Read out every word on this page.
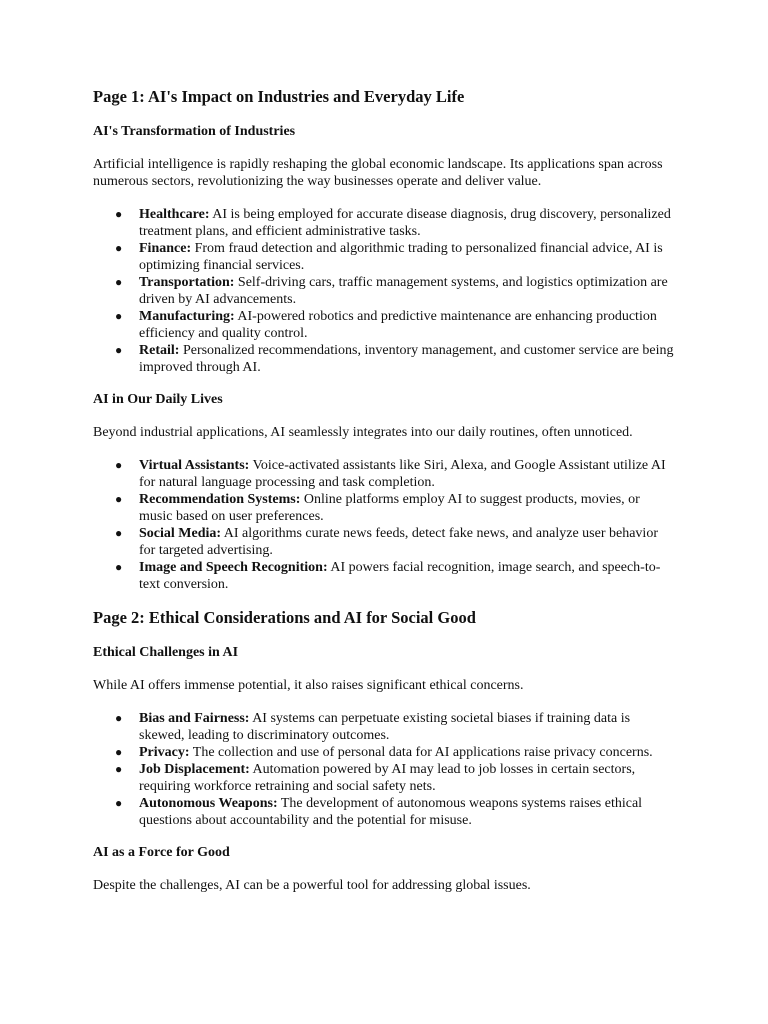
Page 1: AI's Impact on Industries and Everyday Life
AI's Transformation of Industries

Artificial intelligence is rapidly reshaping the global economic landscape. Its applications span across numerous sectors, revolutionizing the way businesses operate and deliver value.

● Healthcare: AI is being employed for accurate disease diagnosis, drug discovery, personalized treatment plans, and efficient administrative tasks.
● Finance: From fraud detection and algorithmic trading to personalized financial advice, AI is optimizing financial services.
● Transportation: Self-driving cars, traffic management systems, and logistics optimization are driven by AI advancements.
● Manufacturing: AI-powered robotics and predictive maintenance are enhancing production efficiency and quality control.
● Retail: Personalized recommendations, inventory management, and customer service are being improved through AI.
AI in Our Daily Lives

Beyond industrial applications, AI seamlessly integrates into our daily routines, often unnoticed.

● Virtual Assistants: Voice-activated assistants like Siri, Alexa, and Google Assistant utilize AI for natural language processing and task completion.
● Recommendation Systems: Online platforms employ AI to suggest products, movies, or music based on user preferences.
● Social Media: AI algorithms curate news feeds, detect fake news, and analyze user behavior for targeted advertising.
● Image and Speech Recognition: AI powers facial recognition, image search, and speech-to-text conversion.
Page 2: Ethical Considerations and AI for Social Good
Ethical Challenges in AI

While AI offers immense potential, it also raises significant ethical concerns.

● Bias and Fairness: AI systems can perpetuate existing societal biases if training data is skewed, leading to discriminatory outcomes.
● Privacy: The collection and use of personal data for AI applications raise privacy concerns.
● Job Displacement: Automation powered by AI may lead to job losses in certain sectors, requiring workforce retraining and social safety nets.
● Autonomous Weapons: The development of autonomous weapons systems raises ethical questions about accountability and the potential for misuse.
AI as a Force for Good

Despite the challenges, AI can be a powerful tool for addressing global issues.
